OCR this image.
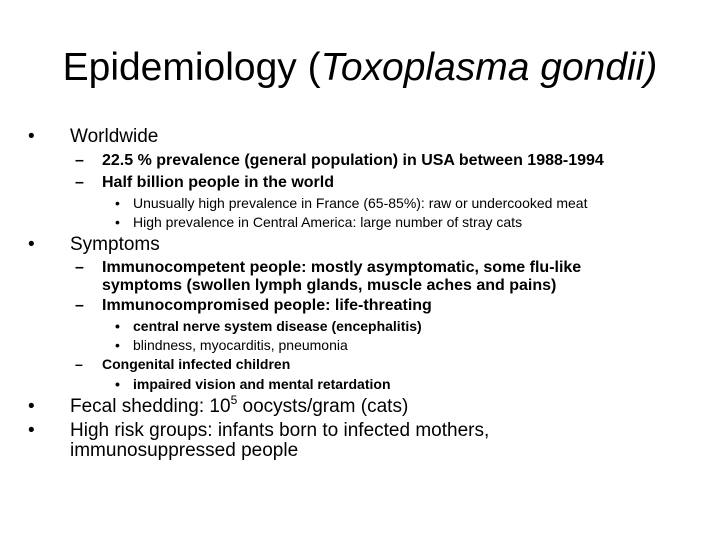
Epidemiology (Toxoplasma gondii)
• Worldwide
– 22.5 % prevalence (general population) in USA between 1988-1994
– Half billion people in the world
• Unusually high prevalence in France (65-85%): raw or undercooked meat
• High prevalence in Central America: large number of stray cats
• Symptoms
– Immunocompetent people: mostly asymptomatic, some flu-like
symptoms (swollen lymph glands, muscle aches and pains)
– Immunocompromised people: life-threating
• central nerve system disease (encephalitis)
• blindness, myocarditis, pneumonia
– Congenital infected children
• impaired vision and mental retardation
• Fecal shedding: $10^5$ oocysts/gram (cats)
• High risk groups: infants born to infected mothers,
immunosuppressed people
